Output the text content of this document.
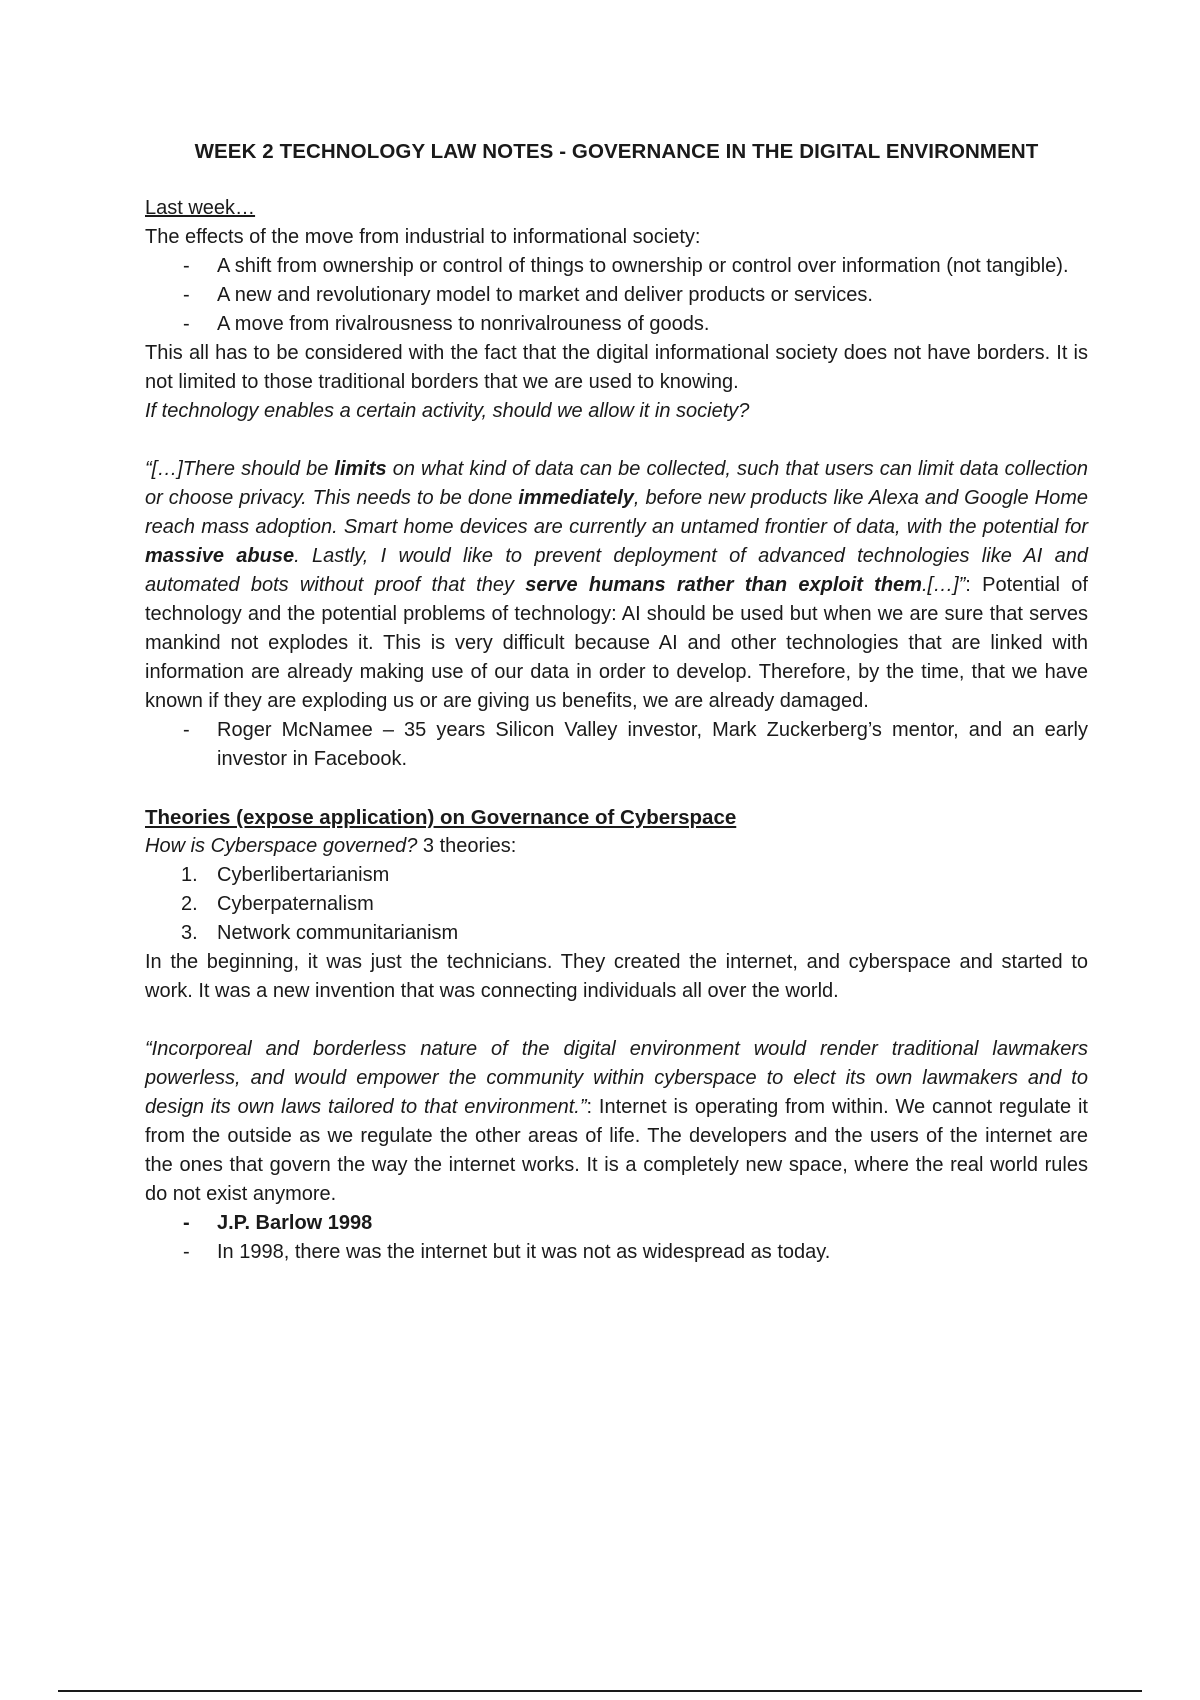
WEEK 2 TECHNOLOGY LAW NOTES - GOVERNANCE IN THE DIGITAL ENVIRONMENT

Last week…

The effects of the move from industrial to informational society:

- A shift from ownership or control of things to ownership or control over information (not tangible).
- A new and revolutionary model to market and deliver products or services.
- A move from rivalrousness to nonrivalrouness of goods.

This all has to be considered with the fact that the digital informational society does not have borders. It is not limited to those traditional borders that we are used to knowing.

If technology enables a certain activity, should we allow it in society?

“[…]There should be limits on what kind of data can be collected, such that users can limit data collection or choose privacy. This needs to be done immediately, before new products like Alexa and Google Home reach mass adoption. Smart home devices are currently an untamed frontier of data, with the potential for massive abuse. Lastly, I would like to prevent deployment of advanced technologies like AI and automated bots without proof that they serve humans rather than exploit them.[…]”: Potential of technology and the potential problems of technology: AI should be used but when we are sure that serves mankind not explodes it. This is very difficult because AI and other technologies that are linked with information are already making use of our data in order to develop. Therefore, by the time, that we have known if they are exploding us or are giving us benefits, we are already damaged.

- Roger McNamee – 35 years Silicon Valley investor, Mark Zuckerberg’s mentor, and an early investor in Facebook.
Theories (expose application) on Governance of Cyberspace

How is Cyberspace governed? 3 theories:

1. Cyberlibertarianism
2. Cyberpaternalism
3. Network communitarianism

In the beginning, it was just the technicians. They created the internet, and cyberspace and started to work. It was a new invention that was connecting individuals all over the world.

“Incorporeal and borderless nature of the digital environment would render traditional lawmakers powerless, and would empower the community within cyberspace to elect its own lawmakers and to design its own laws tailored to that environment.”: Internet is operating from within. We cannot regulate it from the outside as we regulate the other areas of life. The developers and the users of the internet are the ones that govern the way the internet works. It is a completely new space, where the real world rules do not exist anymore.

- J.P. Barlow 1998
- In 1998, there was the internet but it was not as widespread as today.
